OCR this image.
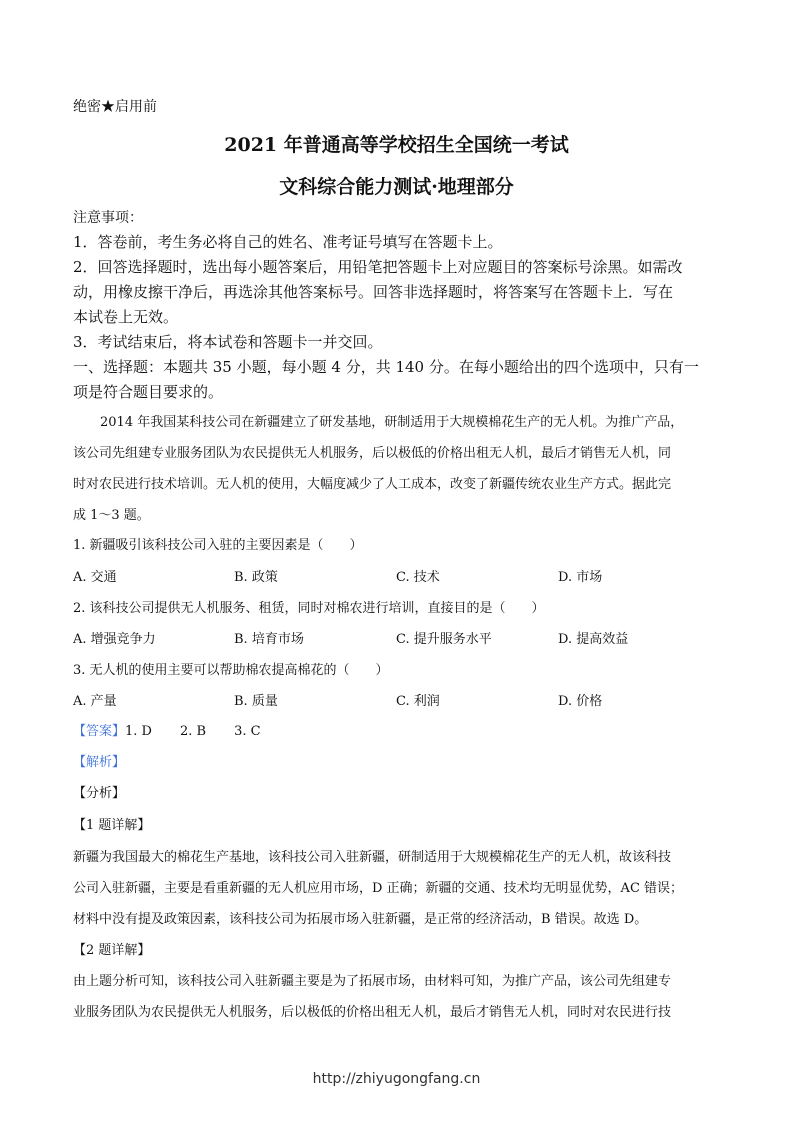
绝密★启用前
2021 年普通高等学校招生全国统一考试
文科综合能力测试·地理部分
注意事项：
1．答卷前，考生务必将自己的姓名、准考证号填写在答题卡上。
2．回答选择题时，选出每小题答案后，用铅笔把答题卡上对应题目的答案标号涂黑。如需改
动，用橡皮擦干净后，再选涂其他答案标号。回答非选择题时，将答案写在答题卡上．写在
本试卷上无效。
3．考试结束后，将本试卷和答题卡一并交回。
一、选择题：本题共 35 小题，每小题 4 分，共 140 分。在每小题给出的四个选项中，只有一
项是符合题目要求的。
2014 年我国某科技公司在新疆建立了研发基地，研制适用于大规模棉花生产的无人机。为推广产品，
该公司先组建专业服务团队为农民提供无人机服务，后以极低的价格出租无人机，最后才销售无人机，同
时对农民进行技术培训。无人机的使用，大幅度减少了人工成本，改变了新疆传统农业生产方式。据此完
成 1～3 题。
1. 新疆吸引该科技公司入驻的主要因素是（　　）
A. 交通	B. 政策	C. 技术	D. 市场
2. 该科技公司提供无人机服务、租赁，同时对棉农进行培训，直接目的是（　　）
A. 增强竞争力	B. 培育市场	C. 提升服务水平	D. 提高效益
3. 无人机的使用主要可以帮助棉农提高棉花的（　　）
A. 产量	B. 质量	C. 利润	D. 价格
【答案】1. D 2. B 3. C
【解析】
【分析】
【1 题详解】
新疆为我国最大的棉花生产基地，该科技公司入驻新疆，研制适用于大规模棉花生产的无人机，故该科技
公司入驻新疆，主要是看重新疆的无人机应用市场，D 正确；新疆的交通、技术均无明显优势，AC 错误；
材料中没有提及政策因素，该科技公司为拓展市场入驻新疆，是正常的经济活动，B 错误。故选 D。
【2 题详解】
由上题分析可知，该科技公司入驻新疆主要是为了拓展市场，由材料可知，为推广产品，该公司先组建专
业服务团队为农民提供无人机服务，后以极低的价格出租无人机，最后才销售无人机，同时对农民进行技
http://zhiyugongfang.cn
